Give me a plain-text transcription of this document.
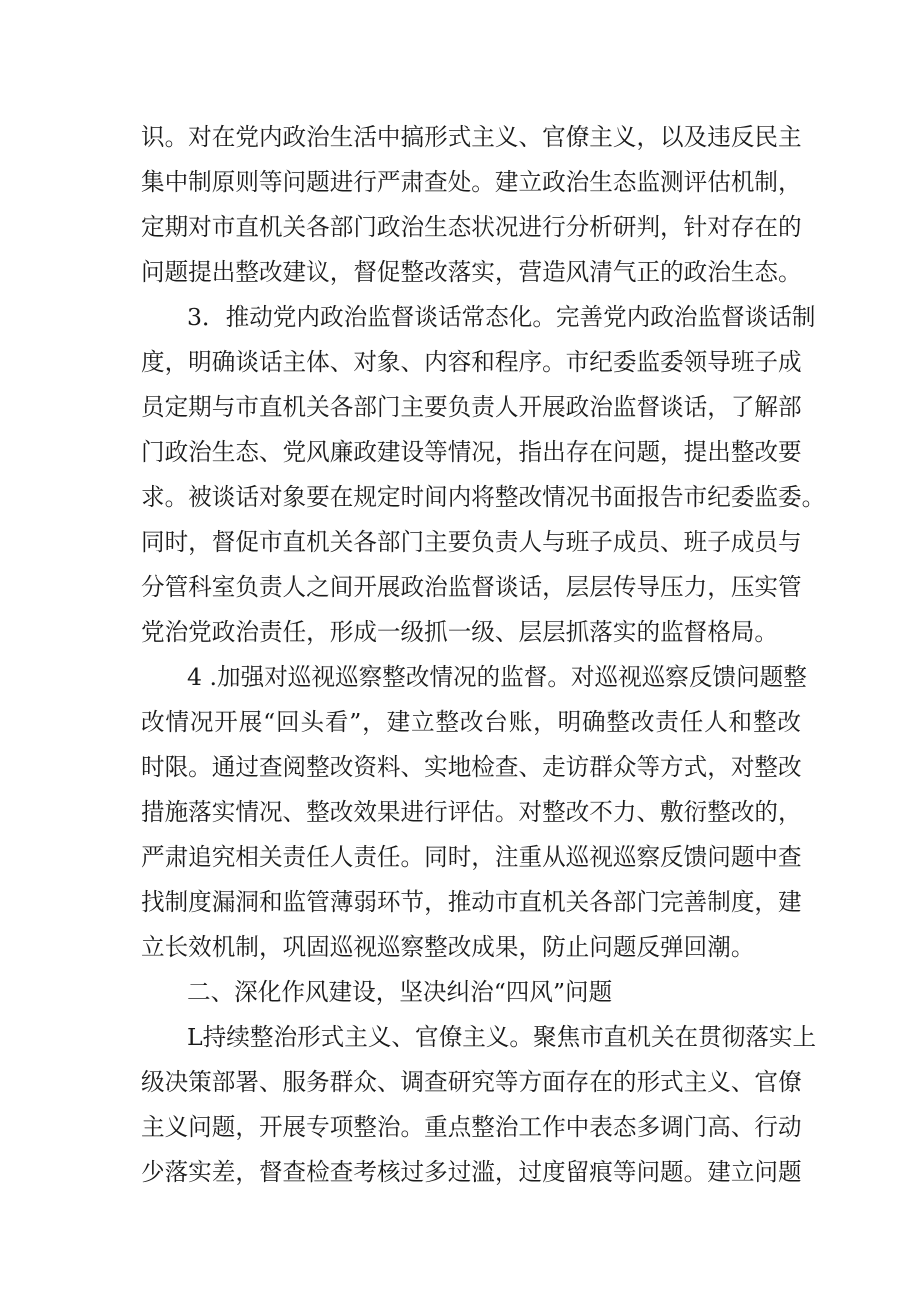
识。对在党内政治生活中搞形式主义、官僚主义，以及违反民主
集中制原则等问题进行严肃查处。建立政治生态监测评估机制，
定期对市直机关各部门政治生态状况进行分析研判，针对存在的
问题提出整改建议，督促整改落实，营造风清气正的政治生态。
3．推动党内政治监督谈话常态化。完善党内政治监督谈话制
度，明确谈话主体、对象、内容和程序。市纪委监委领导班子成
员定期与市直机关各部门主要负责人开展政治监督谈话，了解部
门政治生态、党风廉政建设等情况，指出存在问题，提出整改要
求。被谈话对象要在规定时间内将整改情况书面报告市纪委监委。
同时，督促市直机关各部门主要负责人与班子成员、班子成员与
分管科室负责人之间开展政治监督谈话，层层传导压力，压实管
党治党政治责任，形成一级抓一级、层层抓落实的监督格局。
4 .加强对巡视巡察整改情况的监督。对巡视巡察反馈问题整
改情况开展“回头看”，建立整改台账，明确整改责任人和整改
时限。通过查阅整改资料、实地检查、走访群众等方式，对整改
措施落实情况、整改效果进行评估。对整改不力、敷衍整改的，
严肃追究相关责任人责任。同时，注重从巡视巡察反馈问题中查
找制度漏洞和监管薄弱环节，推动市直机关各部门完善制度，建
立长效机制，巩固巡视巡察整改成果，防止问题反弹回潮。
二、深化作风建设，坚决纠治“四风”问题
L持续整治形式主义、官僚主义。聚焦市直机关在贯彻落实上
级决策部署、服务群众、调查研究等方面存在的形式主义、官僚
主义问题，开展专项整治。重点整治工作中表态多调门高、行动
少落实差，督查检查考核过多过滥，过度留痕等问题。建立问题
